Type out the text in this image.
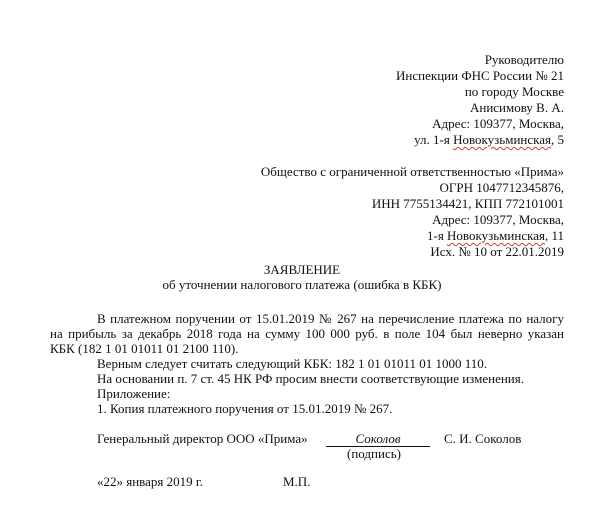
Руководителю
Инспекции ФНС России № 21
по городу Москве
Анисимову В. А.
Адрес: 109377, Москва,
ул. 1-я Новокузьминская, 5
Общество с ограниченной ответственностью «Прима»
ОГРН 1047712345876,
ИНН 7755134421, КПП 772101001
Адрес: 109377, Москва,
1-я Новокузьминская, 11
Исх. № 10 от 22.01.2019
ЗАЯВЛЕНИЕ
об уточнении налогового платежа (ошибка в КБК)
В платежном поручении от 15.01.2019 № 267 на перечисление платежа по налогу
на прибыль за декабрь 2018 года на сумму 100 000 руб. в поле 104 был неверно указан
КБК (182 1 01 01011 01 2100 110).
Верным следует считать следующий КБК: 182 1 01 01011 01 1000 110.
На основании п. 7 ст. 45 НК РФ просим внести соответствующие изменения.
Приложение:
1. Копия платежного поручения от 15.01.2019 № 267.
Генеральный директор ООО «Прима»	Соколов	С. И. Соколов
(подпись)
«22» января 2019 г.	М.П.
